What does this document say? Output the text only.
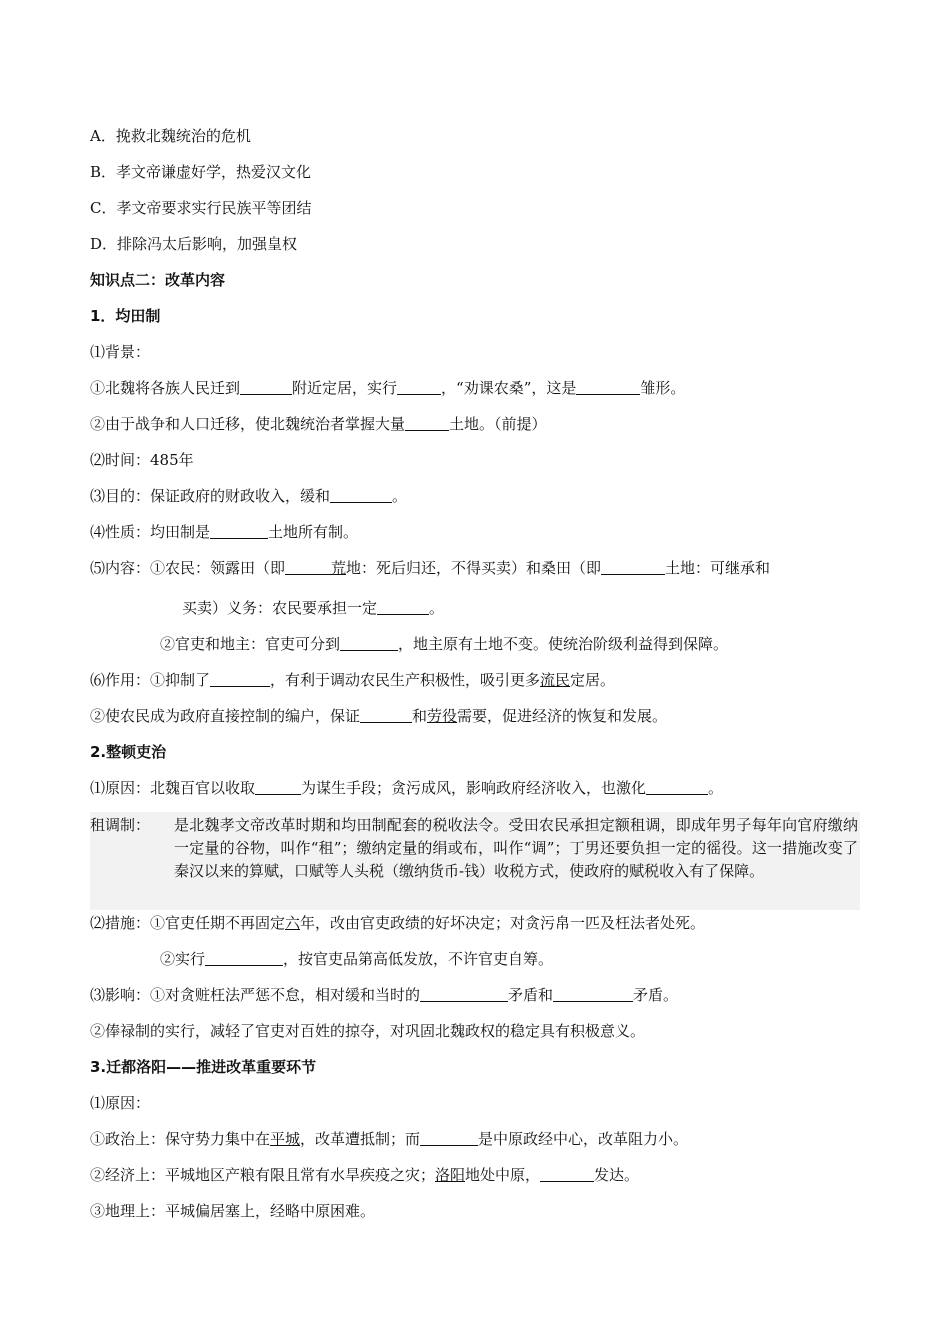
A．挽救北魏统治的危机
B．孝文帝谦虚好学，热爱汉文化
C．孝文帝要求实行民族平等团结
D．排除冯太后影响，加强皇权
知识点二：改革内容
1．均田制
⑴背景：
①北魏将各族人民迁到	附近定居，实行	，“劝课农桑”，这是	雏形。
②由于战争和人口迁移，使北魏统治者掌握大量	土地。（前提）
⑵时间：485年
⑶目的：保证政府的财政收入，缓和	。
⑷性质：均田制是	土地所有制。
⑸内容：①农民：领露田（即	荒地：死后归还，不得买卖）和桑田（即	土地：可继承和
买卖）义务：农民要承担一定	。
②官吏和地主：官吏可分到	，地主原有土地不变。使统治阶级利益得到保障。
⑹作用：①抑制了	，有利于调动农民生产积极性，吸引更多流民定居。
②使农民成为政府直接控制的编户，保证	和劳役需要，促进经济的恢复和发展。
2.整顿吏治
⑴原因：北魏百官以收取	为谋生手段；贪污成风，影响政府经济收入，也激化	。
租调制： 是北魏孝文帝改革时期和均田制配套的税收法令。受田农民承担定额租调，即成年男子每年向官府缴纳一定量的谷物，叫作“租”；缴纳定量的绢或布，叫作“调”；丁男还要负担一定的徭役。这一措施改变了秦汉以来的算赋，口赋等人头税（缴纳货币-钱）收税方式，使政府的赋税收入有了保障。
⑵措施：①官吏任期不再固定六年，改由官吏政绩的好坏决定；对贪污帛一匹及枉法者处死。
②实行	，按官吏品第高低发放，不许官吏自筹。
⑶影响：①对贪赃枉法严惩不怠，相对缓和当时的	矛盾和	矛盾。
②俸禄制的实行，减轻了官吏对百姓的掠夺，对巩固北魏政权的稳定具有积极意义。
3.迁都洛阳——推进改革重要环节
⑴原因：
①政治上：保守势力集中在平城，改革遭抵制；而	是中原政经中心，改革阻力小。
②经济上：平城地区产粮有限且常有水旱疾疫之灾；洛阳地处中原，	发达。
③地理上：平城偏居塞上，经略中原困难。
